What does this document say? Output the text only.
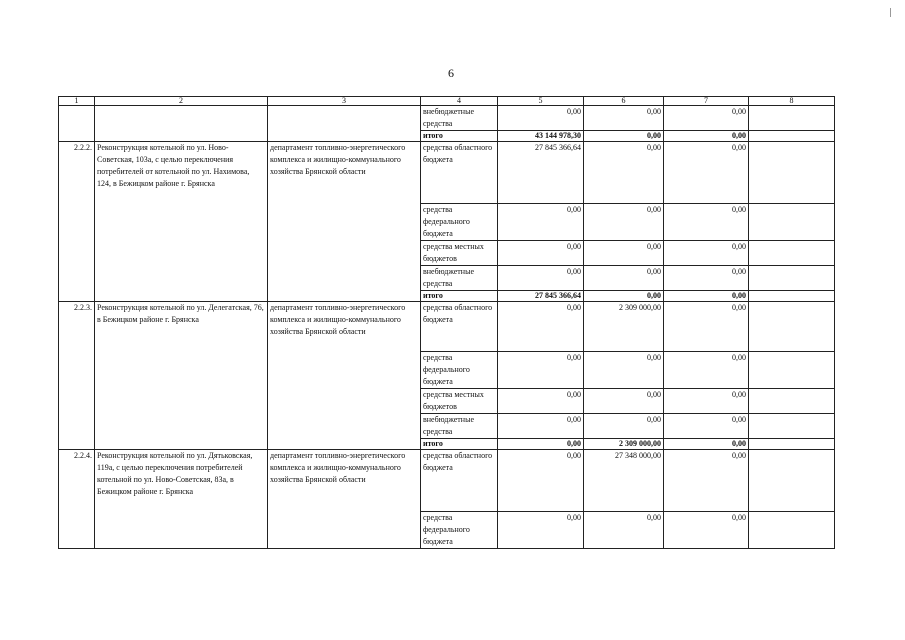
6
1	2	3	4	5	6	7	8
			внебюджетные средства	0,00	0,00	0,00	
			итого	43 144 978,30	0,00	0,00	
2.2.2.	Реконструкция котельной по ул. Ново-Советская, 103а, с целью переключения потребителей от котельной по ул. Нахимова, 124, в Бежицком районе г. Брянска	департамент топливно-энергетического комплекса и жилищно-коммунального хозяйства Брянской области	средства областного бюджета	27 845 366,64	0,00	0,00	
			средства федерального бюджета	0,00	0,00	0,00	
			средства местных бюджетов	0,00	0,00	0,00	
			внебюджетные средства	0,00	0,00	0,00	
			итого	27 845 366,64	0,00	0,00	
2.2.3.	Реконструкция котельной по ул. Делегатская, 76, в Бежицком районе г. Брянска	департамент топливно-энергетического комплекса и жилищно-коммунального хозяйства Брянской области	средства областного бюджета	0,00	2 309 000,00	0,00	
			средства федерального бюджета	0,00	0,00	0,00	
			средства местных бюджетов	0,00	0,00	0,00	
			внебюджетные средства	0,00	0,00	0,00	
			итого	0,00	2 309 000,00	0,00	
2.2.4.	Реконструкция котельной по ул. Дятьковская, 119а, с целью переключения потребителей котельной по ул. Ново-Советская, 83а, в Бежицком районе г. Брянска	департамент топливно-энергетического комплекса и жилищно-коммунального хозяйства Брянской области	средства областного бюджета	0,00	27 348 000,00	0,00	
			средства федерального бюджета	0,00	0,00	0,00	
